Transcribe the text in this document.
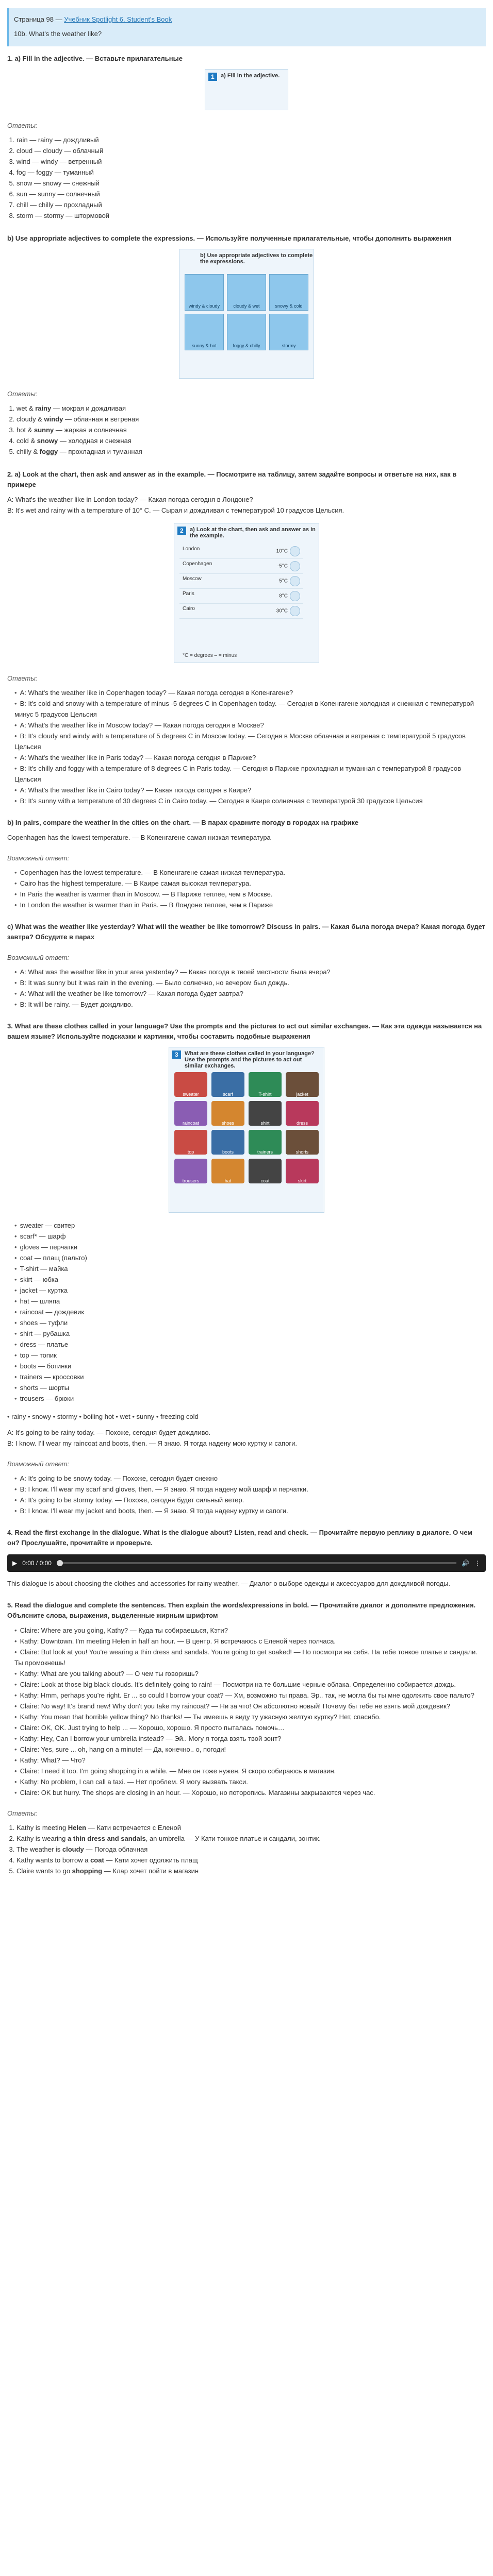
Страница 98 — Учебник Spotlight 6. Student's Book
10b. What's the weather like?
1. a) Fill in the adjective. — Вставьте прилагательные
1	a) Fill in the adjective.
Ответы:
1. rain — rainy — дождливый
2. cloud — cloudy — облачный
3. wind — windy — ветренный
4. fog — foggy — туманный
5. snow — snowy — снежный
6. sun — sunny — солнечный
7. chill — chilly — прохладный
8. storm — stormy — штормовой
b) Use appropriate adjectives to complete the expressions. — Используйте полученные прилагательные, чтобы дополнить выражения
b) Use appropriate adjectives to complete the expressions.
windy & cloudy	cloudy & wet	snowy & cold
sunny & hot	foggy & chilly	stormy
Ответы:
1. wet & rainy — мокрая и дождливая
2. cloudy & windy — облачная и ветреная
3. hot & sunny — жаркая и солнечная
4. cold & snowy — холодная и снежная
5. chilly & foggy — прохладная и туманная
2. a) Look at the chart, then ask and answer as in the example. — Посмотрите на таблицу, затем задайте вопросы и ответьте на них, как в примере
A: What's the weather like in London today? — Какая погода сегодня в Лондоне?
B: It's wet and rainy with a temperature of 10° C. — Сырая и дождливая с температурой 10 градусов Цельсия.
2	a) Look at the chart, then ask and answer as in the example.
London	10°C
Copenhagen	-5°C
Moscow	5°C
Paris	8°C
Cairo	30°C
°C = degrees – = minus
Ответы:
• A: What's the weather like in Copenhagen today? — Какая погода сегодня в Копенгагене?
• B: It's cold and snowy with a temperature of minus -5 degrees C in Copenhagen today. — Сегодня в Копенгагене холодная и снежная с температурой минус 5 градусов Цельсия
• A: What's the weather like in Moscow today? — Какая погода сегодня в Москве?
• B: It's cloudy and windy with a temperature of 5 degrees C in Moscow today. — Сегодня в Москве облачная и ветреная с температурой 5 градусов Цельсия
• A: What's the weather like in Paris today? — Какая погода сегодня в Париже?
• B: It's chilly and foggy with a temperature of 8 degrees C in Paris today. — Сегодня в Париже прохладная и туманная с температурой 8 градусов Цельсия
• A: What's the weather like in Cairo today? — Какая погода сегодня в Каире?
• B: It's sunny with a temperature of 30 degrees C in Cairo today. — Сегодня в Каире солнечная с температурой 30 градусов Цельсия
b) In pairs, compare the weather in the cities on the chart. — В парах сравните погоду в городах на графике
Copenhagen has the lowest temperature. — В Копенгагене самая низкая температура
Возможный ответ:
• Copenhagen has the lowest temperature. — В Копенгагене самая низкая температура.
• Cairo has the highest temperature. — В Каире самая высокая температура.
• In Paris the weather is warmer than in Moscow. — В Париже теплее, чем в Москве.
• In London the weather is warmer than in Paris. — В Лондоне теплее, чем в Париже
c) What was the weather like yesterday? What will the weather be like tomorrow? Discuss in pairs. — Какая была погода вчера? Какая погода будет завтра? Обсудите в парах
Возможный ответ:
• A: What was the weather like in your area yesterday? — Какая погода в твоей местности была вчера?
• B: It was sunny but it was rain in the evening. — Было солнечно, но вечером был дождь.
• A: What will the weather be like tomorrow? — Какая погода будет завтра?
• B: It will be rainy. — Будет дождливо.
3. What are these clothes called in your language? Use the prompts and the pictures to act out similar exchanges. — Как эта одежда называется на вашем языке? Используйте подсказки и картинки, чтобы составить подобные выражения
3	What are these clothes called in your language? Use the prompts and the pictures to act out similar exchanges.
sweater	scarf	T-shirt	jacket
raincoat	shoes	shirt	dress
top	boots	trainers	shorts
trousers	hat	coat	skirt
• sweater — свитер
• scarf* — шарф
• gloves — перчатки
• coat — плащ (пальто)
• T-shirt — майка
• skirt — юбка
• jacket — куртка
• hat — шляпа
• raincoat — дождевик
• shoes — туфли
• shirt — рубашка
• dress — платье
• top — топик
• boots — ботинки
• trainers — кроссовки
• shorts — шорты
• trousers — брюки
• rainy • snowy • stormy • boiling hot • wet • sunny • freezing cold
A: It's going to be rainy today. — Похоже, сегодня будет дождливо.
B: I know. I'll wear my raincoat and boots, then. — Я знаю. Я тогда надену мою куртку и сапоги.
Возможный ответ:
• A: It's going to be snowy today. — Похоже, сегодня будет снежно
• B: I know. I'll wear my scarf and gloves, then. — Я знаю. Я тогда надену мой шарф и перчатки.
• A: It's going to be stormy today. — Похоже, сегодня будет сильный ветер.
• B: I know. I'll wear my jacket and boots, then. — Я знаю. Я тогда надену куртку и сапоги.
4. Read the first exchange in the dialogue. What is the dialogue about? Listen, read and check. — Прочитайте первую реплику в диалоге. О чем он? Прослушайте, прочитайте и проверьте.
▶ 0:00 / 0:00	🔊 ⋮
This dialogue is about choosing the clothes and accessories for rainy weather. — Диалог о выборе одежды и аксессуаров для дождливой погоды.
5. Read the dialogue and complete the sentences. Then explain the words/expressions in bold. — Прочитайте диалог и дополните предложения. Объясните слова, выражения, выделенные жирным шрифтом
• Claire: Where are you going, Kathy? — Куда ты собираешься, Кэти?
• Kathy: Downtown. I'm meeting Helen in half an hour. — В центр. Я встречаюсь с Еленой через полчаса.
• Claire: But look at you! You're wearing a thin dress and sandals. You're going to get soaked! — Но посмотри на себя. На тебе тонкое платье и сандали. Ты промокнешь!
• Kathy: What are you talking about? — О чем ты говоришь?
• Claire: Look at those big black clouds. It's definitely going to rain! — Посмотри на те большие черные облака. Определенно собирается дождь.
• Kathy: Hmm, perhaps you're right. Er ... so could I borrow your coat? — Хм, возможно ты права. Эр.. так, не могла бы ты мне одолжить свое пальто?
• Claire: No way! It's brand new! Why don't you take my raincoat? — Ни за что! Он абсолютно новый! Почему бы тебе не взять мой дождевик?
• Kathy: You mean that horrible yellow thing? No thanks! — Ты имеешь в виду ту ужасную желтую куртку? Нет, спасибо.
• Claire: OK, OK. Just trying to help ... — Хорошо, хорошо. Я просто пыталась помочь…
• Kathy: Hey, Can I borrow your umbrella instead? — Эй.. Могу я тогда взять твой зонт?
• Claire: Yes, sure ... oh, hang on a minute! — Да, конечно.. о, погоди!
• Kathy: What? — Что?
• Claire: I need it too. I'm going shopping in a while. — Мне он тоже нужен. Я скоро собираюсь в магазин.
• Kathy: No problem, I can call a taxi. — Нет проблем. Я могу вызвать такси.
• Claire: OK but hurry. The shops are closing in an hour. — Хорошо, но поторопись. Магазины закрываются через час.
Ответы:
1. Kathy is meeting Helen — Кати встречается с Еленой
2. Kathy is wearing a thin dress and sandals, an umbrella — У Кати тонкое платье и сандали, зонтик.
3. The weather is cloudy — Погода облачная
4. Kathy wants to borrow a coat — Кати хочет одолжить плащ
5. Claire wants to go shopping — Клар хочет пойти в магазин
